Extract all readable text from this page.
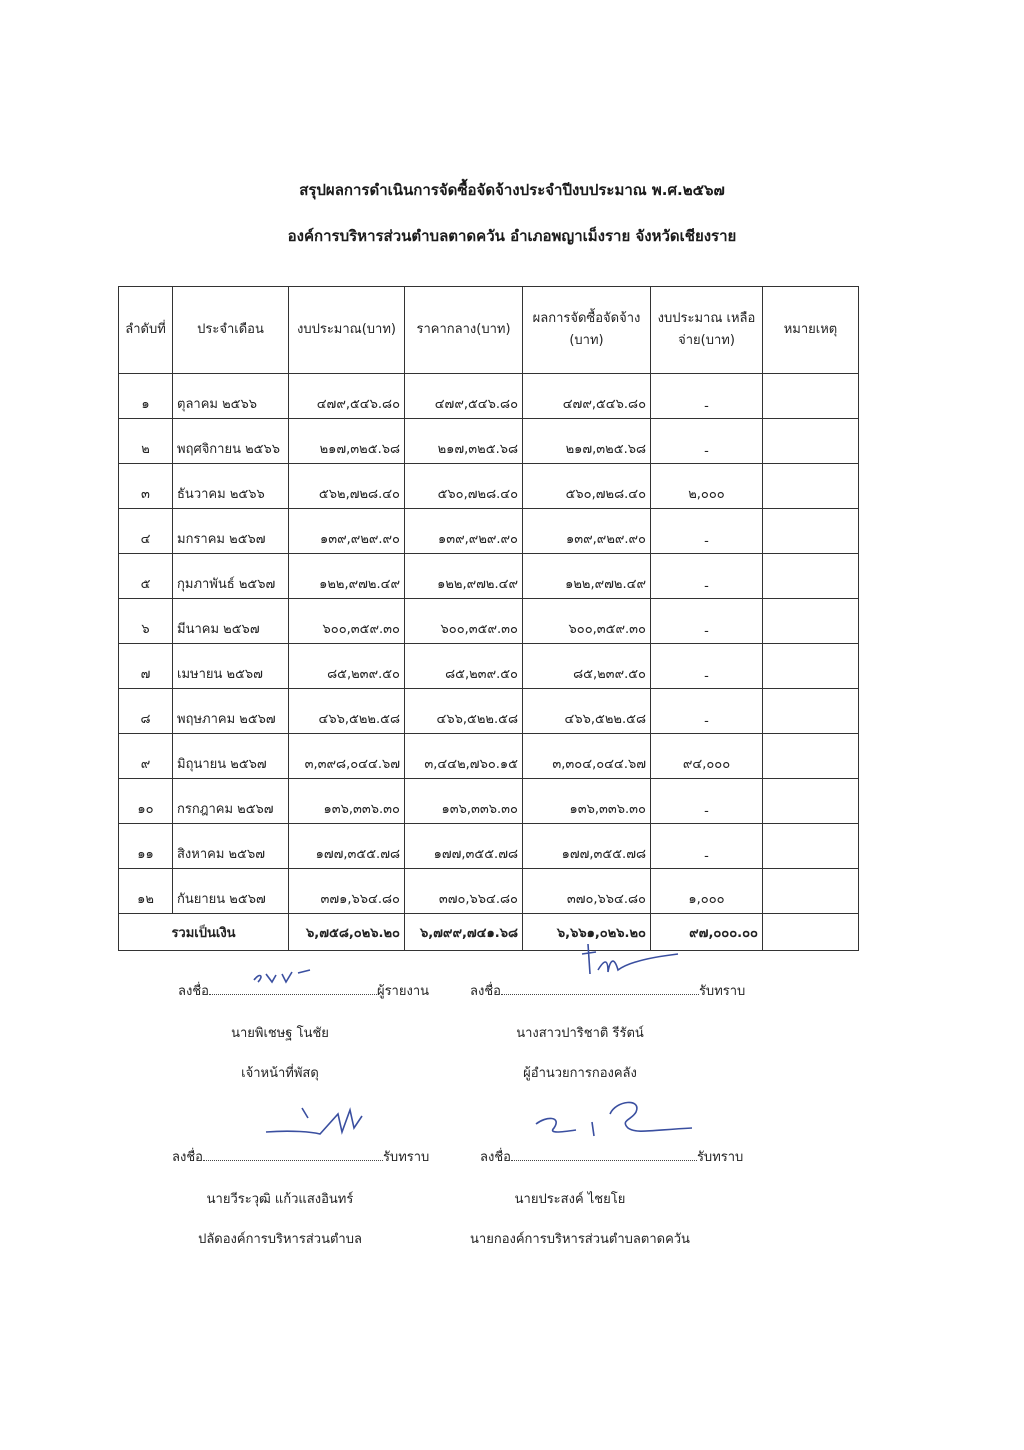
สรุปผลการดำเนินการจัดซื้อจัดจ้างประจำปีงบประมาณ พ.ศ.๒๕๖๗
องค์การบริหารส่วนตำบลตาดควัน อำเภอพญาเม็งราย จังหวัดเชียงราย
ลำดับที่	ประจำเดือน	งบประมาณ(บาท)	ราคากลาง(บาท)	ผลการจัดซื้อจัดจ้าง (บาท)	งบประมาณ เหลือจ่าย(บาท)	หมายเหตุ
๑	ตุลาคม ๒๕๖๖	๔๗๙,๕๔๖.๘๐	๔๗๙,๕๔๖.๘๐	๔๗๙,๕๔๖.๘๐	-	
๒	พฤศจิกายน ๒๕๖๖	๒๑๗,๓๒๕.๖๘	๒๑๗,๓๒๕.๖๘	๒๑๗,๓๒๕.๖๘	-	
๓	ธันวาคม ๒๕๖๖	๕๖๒,๗๒๘.๔๐	๕๖๐,๗๒๘.๔๐	๕๖๐,๗๒๘.๔๐	๒,๐๐๐	
๔	มกราคม ๒๕๖๗	๑๓๙,๙๒๙.๙๐	๑๓๙,๙๒๙.๙๐	๑๓๙,๙๒๙.๙๐	-	
๕	กุมภาพันธ์ ๒๕๖๗	๑๒๒,๙๗๒.๔๙	๑๒๒,๙๗๒.๔๙	๑๒๒,๙๗๒.๔๙	-	
๖	มีนาคม ๒๕๖๗	๖๐๐,๓๕๙.๓๐	๖๐๐,๓๕๙.๓๐	๖๐๐,๓๕๙.๓๐	-	
๗	เมษายน ๒๕๖๗	๘๕,๒๓๙.๕๐	๘๕,๒๓๙.๕๐	๘๕,๒๓๙.๕๐	-	
๘	พฤษภาคม ๒๕๖๗	๔๖๖,๕๒๒.๕๘	๔๖๖,๕๒๒.๕๘	๔๖๖,๕๒๒.๕๘	-	
๙	มิถุนายน ๒๕๖๗	๓,๓๙๘,๐๔๔.๖๗	๓,๔๔๒,๗๖๐.๑๕	๓,๓๐๔,๐๔๔.๖๗	๙๔,๐๐๐	
๑๐	กรกฎาคม ๒๕๖๗	๑๓๖,๓๓๖.๓๐	๑๓๖,๓๓๖.๓๐	๑๓๖,๓๓๖.๓๐	-	
๑๑	สิงหาคม ๒๕๖๗	๑๗๗,๓๕๕.๗๘	๑๗๗,๓๕๕.๗๘	๑๗๗,๓๕๕.๗๘	-	
๑๒	กันยายน ๒๕๖๗	๓๗๑,๖๖๔.๘๐	๓๗๐,๖๖๔.๘๐	๓๗๐,๖๖๔.๘๐	๑,๐๐๐	
รวมเป็นเงิน		๖,๗๕๘,๐๒๖.๒๐	๖,๗๙๙,๗๔๑.๖๘	๖,๖๖๑,๐๒๖.๒๐	๙๗,๐๐๐.๐๐	
ลงชื่อ	ผู้รายงาน
นายพิเชษฐ โนชัย
เจ้าหน้าที่พัสดุ
ลงชื่อ	รับทราบ
นางสาวปาริชาติ รีรัตน์
ผู้อำนวยการกองคลัง
ลงชื่อ	รับทราบ
นายวีระวุฒิ แก้วแสงอินทร์
ปลัดองค์การบริหารส่วนตำบล
ลงชื่อ	รับทราบ
นายประสงค์ ไชยโย
นายกองค์การบริหารส่วนตำบลตาดควัน
